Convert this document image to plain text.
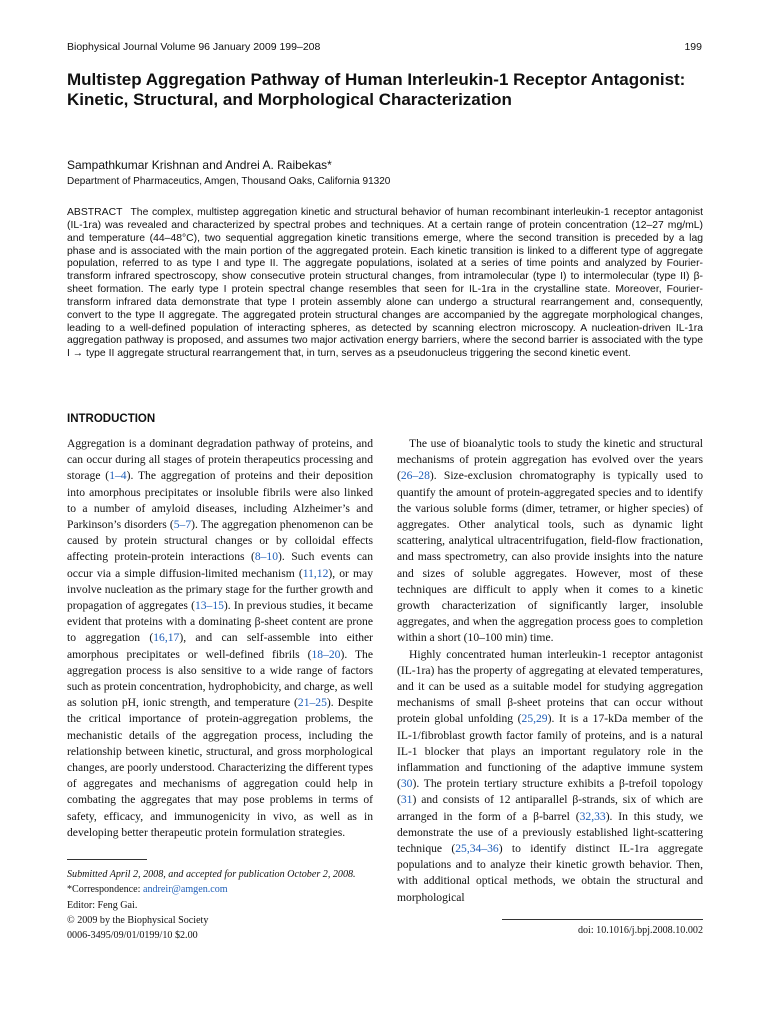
Biophysical Journal Volume 96 January 2009 199–208	199
Multistep Aggregation Pathway of Human Interleukin-1 Receptor Antagonist: Kinetic, Structural, and Morphological Characterization
Sampathkumar Krishnan and Andrei A. Raibekas*
Department of Pharmaceutics, Amgen, Thousand Oaks, California 91320
ABSTRACT The complex, multistep aggregation kinetic and structural behavior of human recombinant interleukin-1 receptor antagonist (IL-1ra) was revealed and characterized by spectral probes and techniques. At a certain range of protein concentration (12–27 mg/mL) and temperature (44–48°C), two sequential aggregation kinetic transitions emerge, where the second transition is preceded by a lag phase and is associated with the main portion of the aggregated protein. Each kinetic transition is linked to a different type of aggregate population, referred to as type I and type II. The aggregate populations, isolated at a series of time points and analyzed by Fourier-transform infrared spectroscopy, show consecutive protein structural changes, from intramolecular (type I) to intermolecular (type II) β-sheet formation. The early type I protein spectral change resembles that seen for IL-1ra in the crystalline state. Moreover, Fourier-transform infrared data demonstrate that type I protein assembly alone can undergo a structural rearrangement and, consequently, convert to the type II aggregate. The aggregated protein structural changes are accompanied by the aggregate morphological changes, leading to a well-defined population of interacting spheres, as detected by scanning electron microscopy. A nucleation-driven IL-1ra aggregation pathway is proposed, and assumes two major activation energy barriers, where the second barrier is associated with the type I → type II aggregate structural rearrangement that, in turn, serves as a pseudonucleus triggering the second kinetic event.
INTRODUCTION

Aggregation is a dominant degradation pathway of proteins, and can occur during all stages of protein therapeutics processing and storage (1–4). The aggregation of proteins and their deposition into amorphous precipitates or insoluble fibrils were also linked to a number of amyloid diseases, including Alzheimer’s and Parkinson’s disorders (5–7). The aggregation phenomenon can be caused by protein structural changes or by colloidal effects affecting protein-protein interactions (8–10). Such events can occur via a simple diffusion-limited mechanism (11,12), or may involve nucleation as the primary stage for the further growth and propagation of aggregates (13–15). In previous studies, it became evident that proteins with a dominating β-sheet content are prone to aggregation (16,17), and can self-assemble into either amorphous precipitates or well-defined fibrils (18–20). The aggregation process is also sensitive to a wide range of factors such as protein concentration, hydrophobicity, and charge, as well as solution pH, ionic strength, and temperature (21–25). Despite the critical importance of protein-aggregation problems, the mechanistic details of the aggregation process, including the relationship between kinetic, structural, and gross morphological changes, are poorly understood. Characterizing the different types of aggregates and mechanisms of aggregation could help in combating the aggregates that may pose problems in terms of safety, efficacy, and immunogenicity in vivo, as well as in developing better therapeutic protein formulation strategies.

The use of bioanalytic tools to study the kinetic and structural mechanisms of protein aggregation has evolved over the years (26–28). Size-exclusion chromatography is typically used to quantify the amount of protein-aggregated species and to identify the various soluble forms (dimer, tetramer, or higher species) of aggregates. Other analytical tools, such as dynamic light scattering, analytical ultracentrifugation, field-flow fractionation, and mass spectrometry, can also provide insights into the nature and sizes of soluble aggregates. However, most of these techniques are difficult to apply when it comes to a kinetic growth characterization of significantly larger, insoluble aggregates, and when the aggregation process goes to completion within a short (10–100 min) time.

Highly concentrated human interleukin-1 receptor antagonist (IL-1ra) has the property of aggregating at elevated temperatures, and it can be used as a suitable model for studying aggregation mechanisms of small β-sheet proteins that can occur without protein global unfolding (25,29). It is a 17-kDa member of the IL-1/fibroblast growth factor family of proteins, and is a natural IL-1 blocker that plays an important regulatory role in the inflammation and functioning of the adaptive immune system (30). The protein tertiary structure exhibits a β-trefoil topology (31) and consists of 12 antiparallel β-strands, six of which are arranged in the form of a β-barrel (32,33). In this study, we demonstrate the use of a previously established light-scattering technique (25,34–36) to identify distinct IL-1ra aggregate populations and to analyze their kinetic growth behavior. Then, with additional optical methods, we obtain the structural and morphological

Submitted April 2, 2008, and accepted for publication October 2, 2008.
*Correspondence: andreir@amgen.com
Editor: Feng Gai.
© 2009 by the Biophysical Society
0006-3495/09/01/0199/10 $2.00	doi: 10.1016/j.bpj.2008.10.002
